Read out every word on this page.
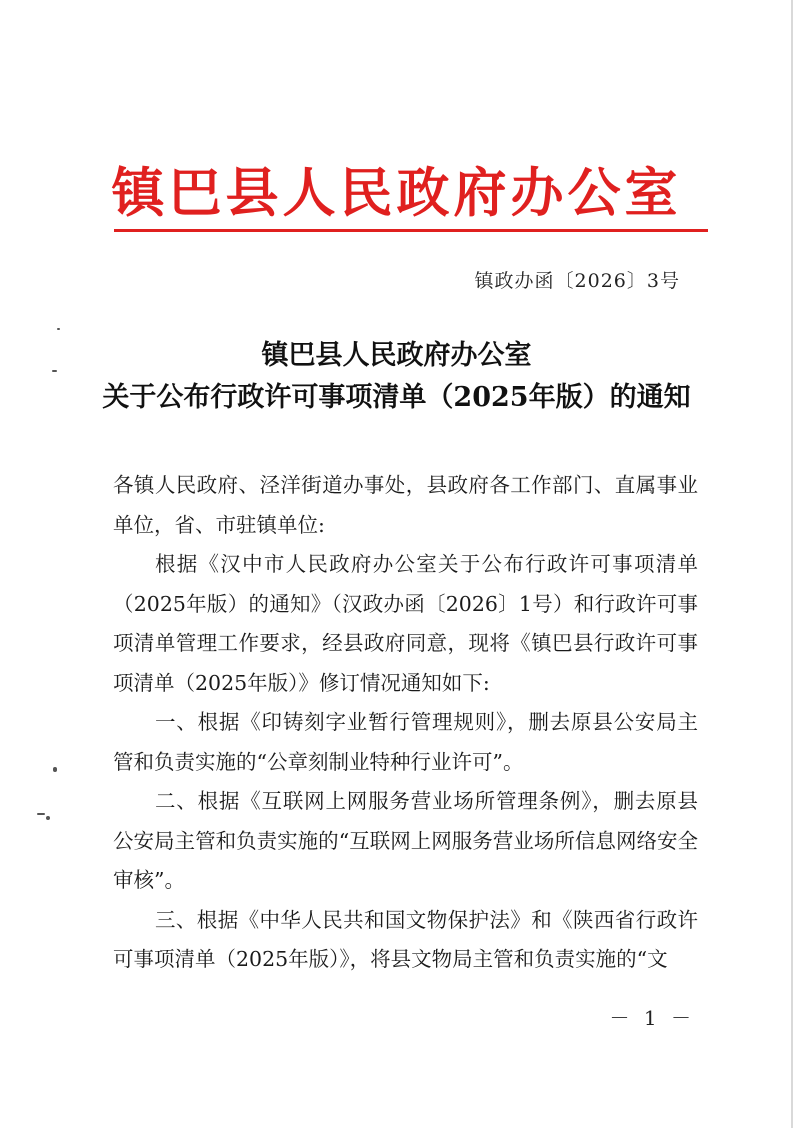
镇巴县人民政府办公室
镇政办函〔2026〕3号
镇巴县人民政府办公室
关于公布行政许可事项清单（2025年版）的通知

各镇人民政府、泾洋街道办事处，县政府各工作部门、直属事业单位，省、市驻镇单位:

根据《汉中市人民政府办公室关于公布行政许可事项清单（2025年版）的通知》（汉政办函〔2026〕1号）和行政许可事项清单管理工作要求，经县政府同意，现将《镇巴县行政许可事项清单（2025年版）》修订情况通知如下:

一、根据《印铸刻字业暂行管理规则》，删去原县公安局主管和负责实施的“公章刻制业特种行业许可”。

二、根据《互联网上网服务营业场所管理条例》，删去原县公安局主管和负责实施的“互联网上网服务营业场所信息网络安全审核”。

三、根据《中华人民共和国文物保护法》和《陕西省行政许可事项清单（2025年版）》，将县文物局主管和负责实施的“文

－ 1 －
